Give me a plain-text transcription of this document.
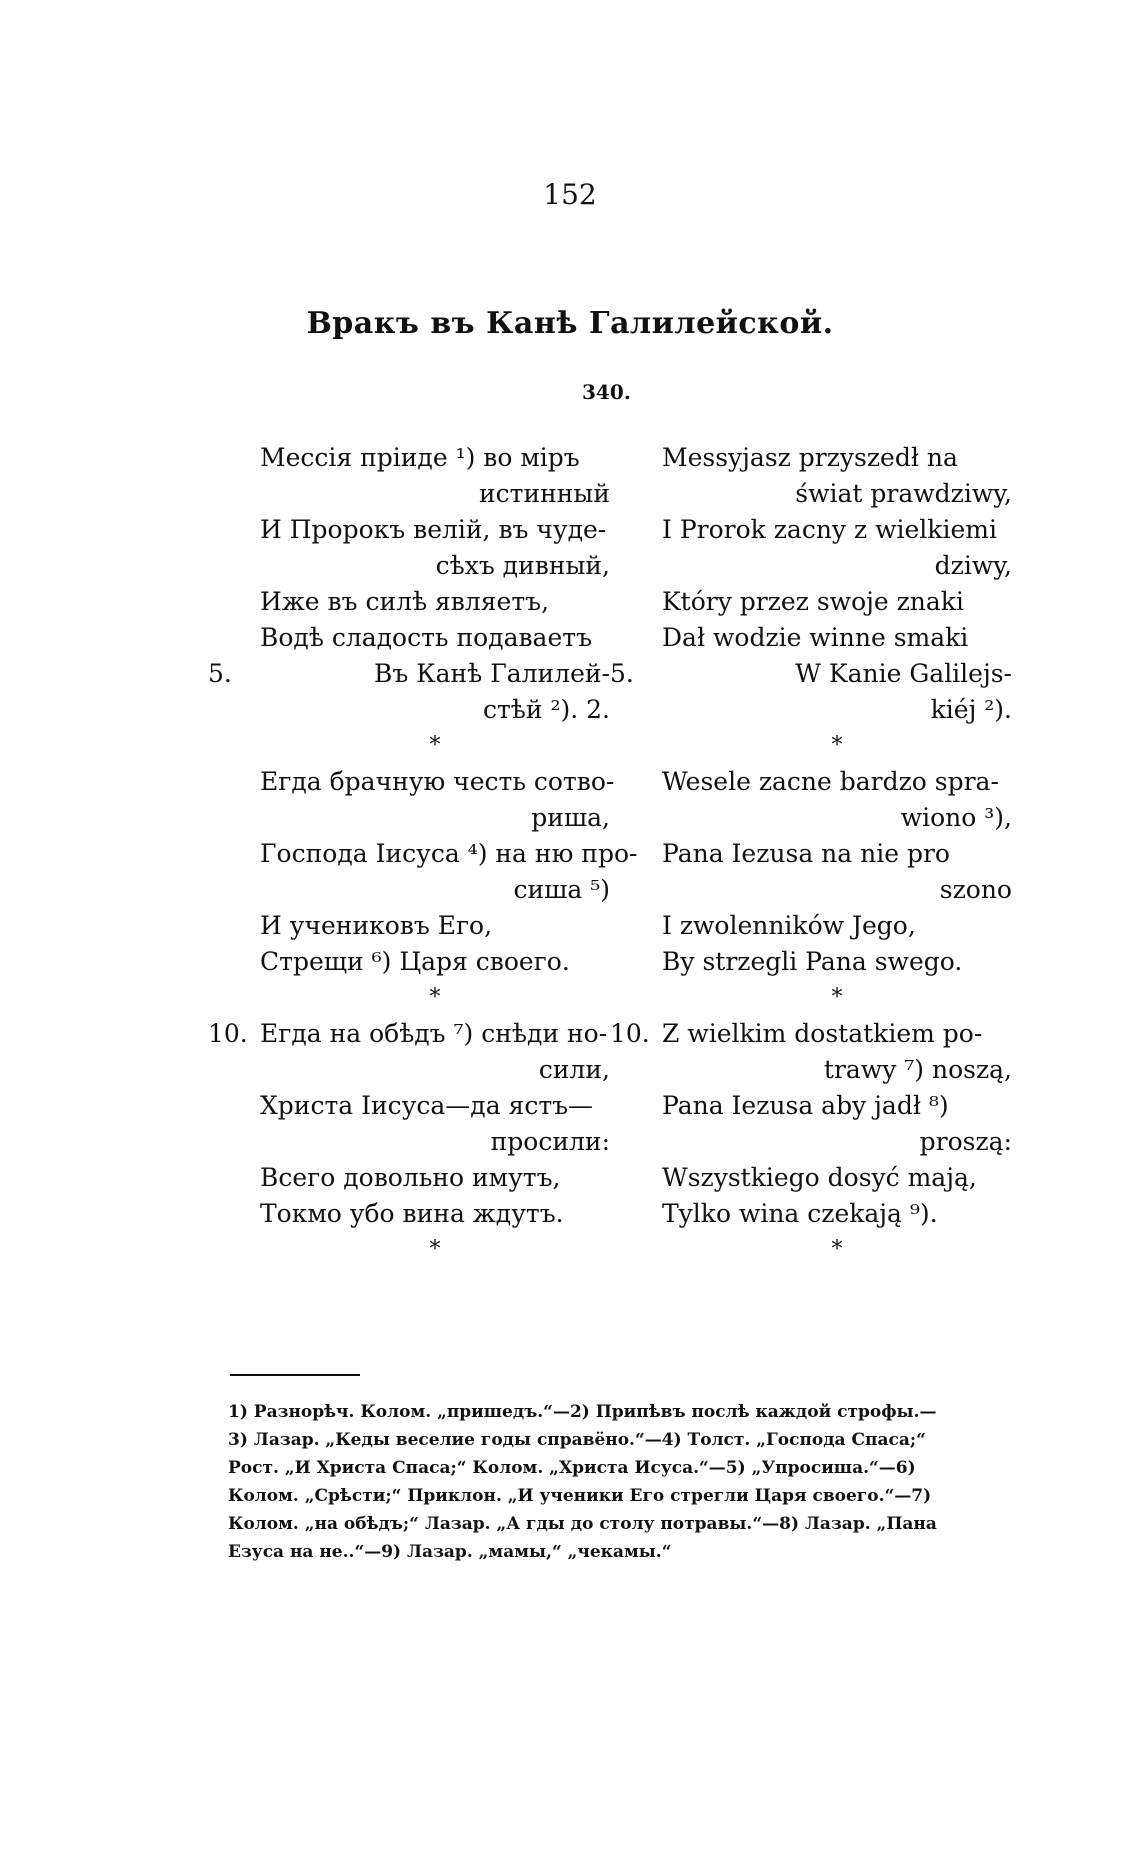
152
Вракъ въ Канѣ Галилейской.
340.
Мессія пріиде ¹) во міръ
истинный
И Пророкъ велій, въ чуде-
сѣхъ дивный,
Иже въ силѣ являетъ,
Водѣ сладость подаваетъ
5.	Въ Канѣ Галилей-
стѣй ²). 2.
*
Егда брачную честь сотво-
риша,
Господа Іисуса ⁴) на ню про-
сиша ⁵)
И учениковъ Его,
Стрещи ⁶) Царя своего.
*
10. Егда на обѣдъ ⁷) снѣди но-
сили,
Христа Іисуса—да ястъ—
просили:
Всего довольно имутъ,
Токмо убо вина ждутъ.
*
Messyjasz przyszedł na
świat prawdziwy,
I Prorok zacny z wielkiemi
dziwy,
Który przez swoje znaki
Dał wodzie winne smaki
5.	W Kanie Galilejs-
kiéj ²).
*
Wesele zacne bardzo spra-
wiono ³),
Pana Iezusa na nie pro
szono
I zwolenników Jego,
By strzegli Pana swego.
*
10. Z wielkim dostatkiem po-
trawy ⁷) noszą,
Pana Iezusa aby jadł ⁸)
proszą:
Wszystkiego dosyć mają,
Tylko wina czekają ⁹).
*

1) Разнорѣч. Колом. „пришедъ.“—2) Припѣвъ послѣ каждой строфы.—

3) Лазар. „Кеды веселие годы справёно.“—4) Толст. „Господа Спаса;“

Рост. „И Христа Спаса;“ Колом. „Христа Исуса.“—5) „Упросиша.“—6)

Колом. „Срѣсти;“ Приклон. „И ученики Его стрегли Царя своего.“—7)

Колом. „на обѣдъ;“ Лазар. „А гды до столу потравы.“—8) Лазар. „Пана

Езуса на не..“—9) Лазар. „мамы,“ „чекамы.“
